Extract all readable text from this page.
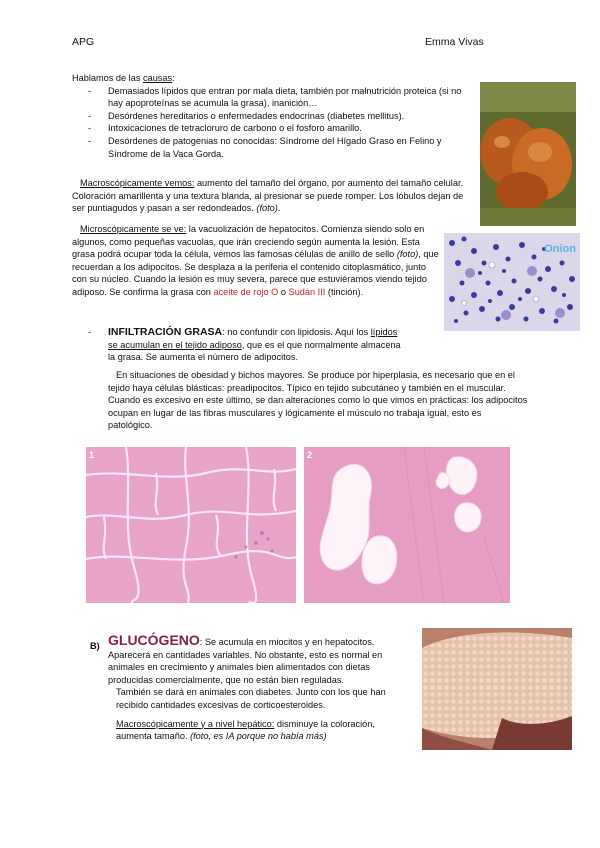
APG	Emma Vivas
Hablamos de las causas:
- Demasiados lípidos que entran por mala dieta, también por malnutrición proteica (si no hay apoproteínas se acumula la grasa), inanición…
- Desórdenes hereditarios o enfermedades endocrinas (diabetes mellitus).
- Intoxicaciones de tetracloruro de carbono o el fosforo amarillo.
- Desórdenes de patogenias no conocidas: Síndrome del Hígado Graso en Felino y Síndrome de la Vaca Gorda.
Macroscópicamente vemos: aumento del tamaño del órgano, por aumento del tamaño celular. Coloración amarillenta y una textura blanda, al presionar se puede romper. Los lóbulos dejan de ser puntiagudos y pasan a ser redondeados. (foto).
Onion
Microscópicamente se ve: la vacuolización de hepatocitos. Comienza siendo solo en algunos, como pequeñas vacuolas, que irán creciendo según aumenta la lesión. Esta grasa podrá ocupar toda la célula, vemos las famosas células de anillo de sello (foto), que recuerdan a los adipocitos. Se desplaza a la periferia el contenido citoplasmático, junto con su núcleo. Cuando la lesión es muy severa, parece que estuviéramos viendo tejido adiposo. Se confirma la grasa con aceite de rojo O o Sudán III (tinción).
- INFILTRACIÓN GRASA: no confundir con lipidosis. Aquí los lípidos se acumulan en el tejido adiposo, que es el que normalmente almacena la grasa. Se aumenta el número de adipocitos.
En situaciones de obesidad y bichos mayores. Se produce por hiperplasia, es necesario que en el tejido haya células blásticas: preadipocitos. Típico en tejido subcutáneo y también en el muscular. Cuando es excesivo en este último, se dan alteraciones como lo que vimos en prácticas: los adipocitos ocupan en lugar de las fibras musculares y lógicamente el músculo no trabaja igual, esto es patológico.
1	2
B) GLUCÓGENO: Se acumula en miocitos y en hepatocitos. Aparecerá en cantidades variables. No obstante, esto es normal en animales en crecimiento y animales bien alimentados con dietas producidas comercialmente, que no están bien reguladas.
También se dará en animales con diabetes. Junto con los que han recibido cantidades excesivas de corticoesteroides.
Macroscópicamente y a nivel hepático: disminuye la coloración, aumenta tamaño. (foto, es IA porque no había más)
